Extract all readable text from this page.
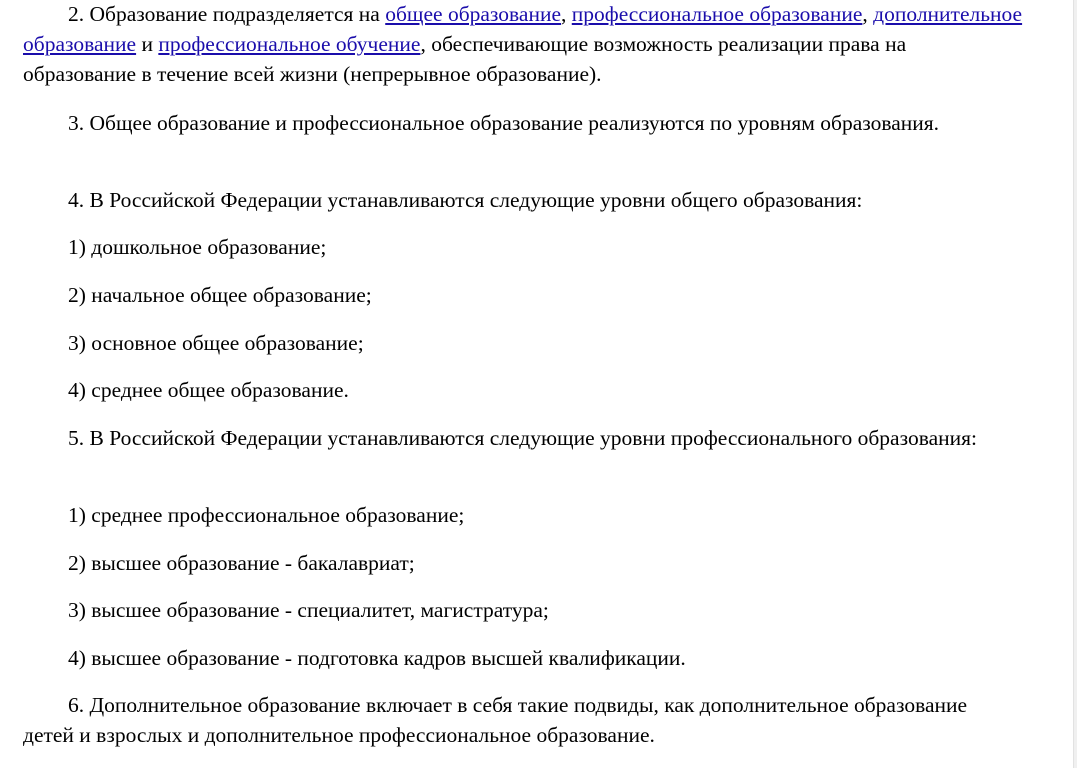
2. Образование подразделяется на общее образование, профессиональное образование, дополнительное образование и профессиональное обучение, обеспечивающие возможность реализации права на образование в течение всей жизни (непрерывное образование).

3. Общее образование и профессиональное образование реализуются по уровням образования.

4. В Российской Федерации устанавливаются следующие уровни общего образования:

1) дошкольное образование;

2) начальное общее образование;

3) основное общее образование;

4) среднее общее образование.

5. В Российской Федерации устанавливаются следующие уровни профессионального образования:

1) среднее профессиональное образование;

2) высшее образование - бакалавриат;

3) высшее образование - специалитет, магистратура;

4) высшее образование - подготовка кадров высшей квалификации.

6. Дополнительное образование включает в себя такие подвиды, как дополнительное образование детей и взрослых и дополнительное профессиональное образование.
